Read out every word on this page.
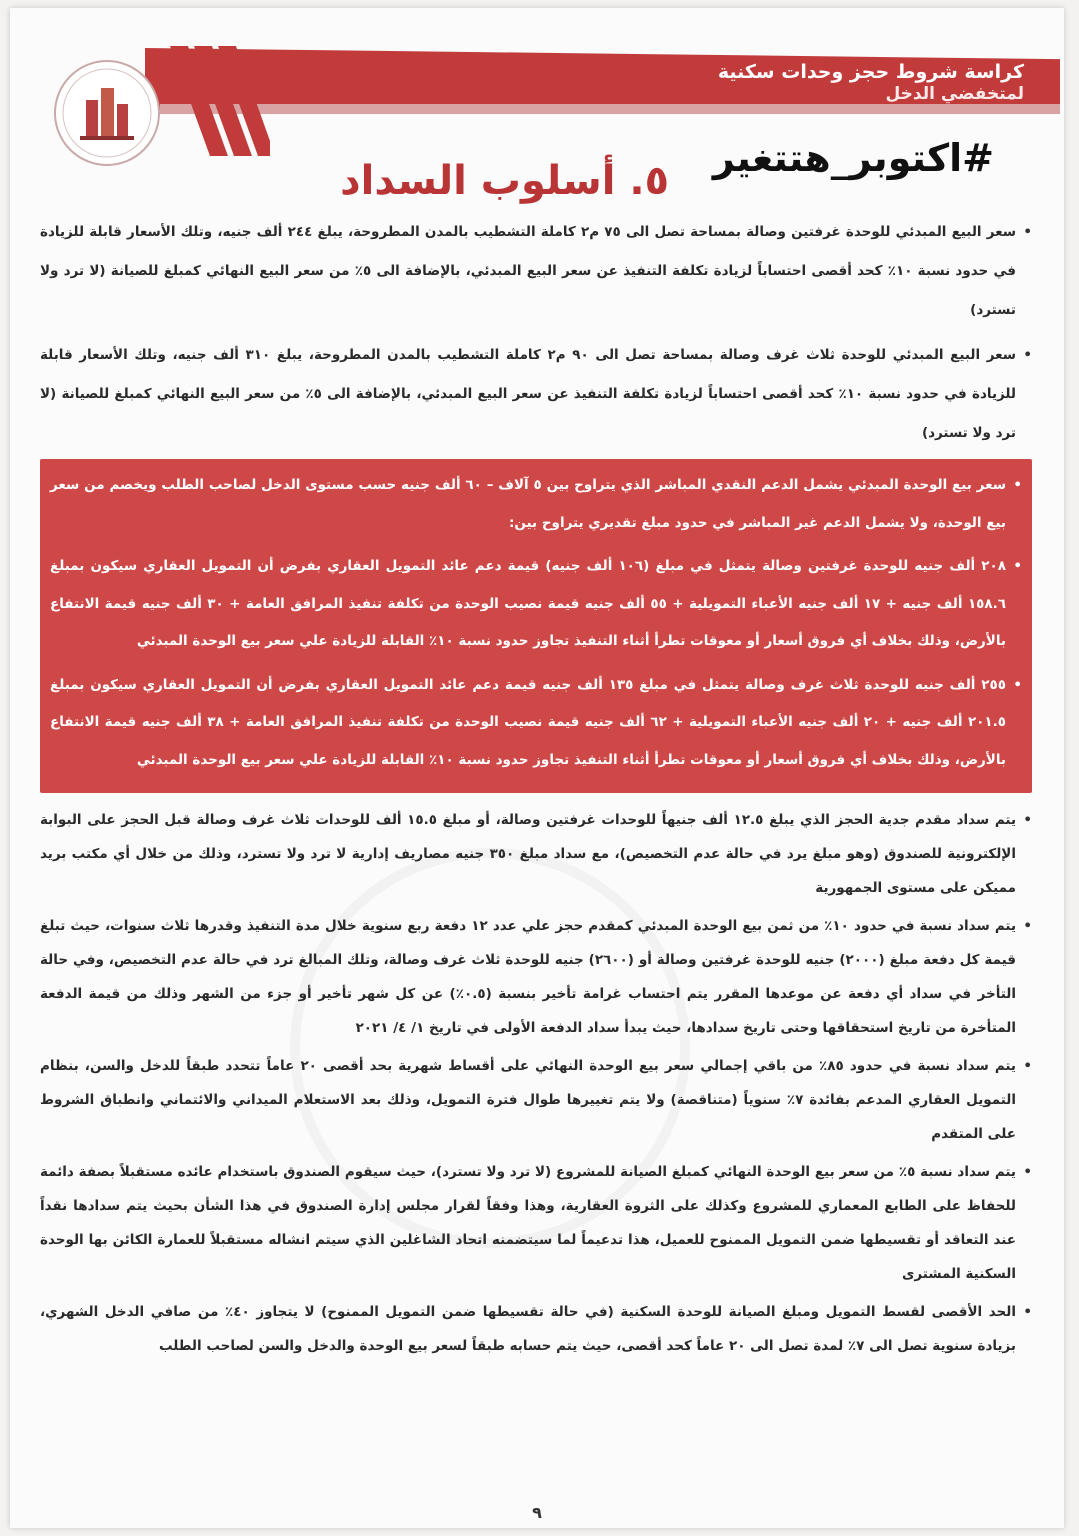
كراسة شروط حجز وحدات سكنية
لمتخفضي الدخل
#اكتوبر_هتتغير
٥. أسلوب السداد

• سعر البيع المبدئي للوحدة غرفتين وصالة بمساحة تصل الى ٧٥ م٢ كاملة التشطيب بالمدن المطروحة، يبلغ ٢٤٤ ألف جنيه، وتلك الأسعار قابلة للزيادة في حدود نسبة ١٠٪ كحد أقصى احتساباً لزيادة تكلفة التنفيذ عن سعر البيع المبدئي، بالإضافة الى ٥٪ من سعر البيع النهائي كمبلغ للصيانة (لا ترد ولا تسترد)

• سعر البيع المبدئي للوحدة ثلاث غرف وصالة بمساحة تصل الى ٩٠ م٢ كاملة التشطيب بالمدن المطروحة، يبلغ ٣١٠ ألف جنيه، وتلك الأسعار قابلة للزيادة في حدود نسبة ١٠٪ كحد أقصى احتساباً لزيادة تكلفة التنفيذ عن سعر البيع المبدئي، بالإضافة الى ٥٪ من سعر البيع النهائي كمبلغ للصيانة (لا ترد ولا تسترد)

• سعر بيع الوحدة المبدئي يشمل الدعم النقدي المباشر الذي يتراوح بين ٥ آلاف – ٦٠ ألف جنيه حسب مستوى الدخل لصاحب الطلب ويخصم من سعر بيع الوحدة، ولا يشمل الدعم غير المباشر في حدود مبلغ تقديري يتراوح بين:

• ٢٠٨ ألف جنيه للوحدة غرفتين وصالة يتمثل في مبلغ (١٠٦ ألف جنيه) قيمة دعم عائد التمويل العقاري بفرض أن التمويل العقاري سيكون بمبلغ ١٥٨.٦ ألف جنيه + ١٧ ألف جنيه الأعباء التمويلية + ٥٥ ألف جنيه قيمة نصيب الوحدة من تكلفة تنفيذ المرافق العامة + ٣٠ ألف جنيه قيمة الانتفاع بالأرض، وذلك بخلاف أي فروق أسعار أو معوقات تطرأ أثناء التنفيذ تجاوز حدود نسبة ١٠٪ القابلة للزيادة علي سعر بيع الوحدة المبدئي

• ٢٥٥ ألف جنيه للوحدة ثلاث غرف وصالة يتمثل في مبلغ ١٣٥ ألف جنيه قيمة دعم عائد التمويل العقاري بفرض أن التمويل العقاري سيكون بمبلغ ٢٠١.٥ ألف جنيه + ٢٠ ألف جنيه الأعباء التمويلية + ٦٢ ألف جنيه قيمة نصيب الوحدة من تكلفة تنفيذ المرافق العامة + ٣٨ ألف جنيه قيمة الانتفاع بالأرض، وذلك بخلاف أي فروق أسعار أو معوقات تطرأ أثناء التنفيذ تجاوز حدود نسبة ١٠٪ القابلة للزيادة علي سعر بيع الوحدة المبدئي

• يتم سداد مقدم جدية الحجز الذي يبلغ ١٢.٥ ألف جنيهاً للوحدات غرفتين وصالة، أو مبلغ ١٥.٥ ألف للوحدات ثلاث غرف وصالة قبل الحجز على البوابة الإلكترونية للصندوق (وهو مبلغ يرد في حالة عدم التخصيص)، مع سداد مبلغ ٣٥٠ جنيه مصاريف إدارية لا ترد ولا تسترد، وذلك من خلال أي مكتب بريد مميكن على مستوى الجمهورية

• يتم سداد نسبة في حدود ١٠٪ من ثمن بيع الوحدة المبدئي كمقدم حجز علي عدد ١٢ دفعة ربع سنوية خلال مدة التنفيذ وقدرها ثلاث سنوات، حيث تبلغ قيمة كل دفعة مبلغ (٢٠٠٠) جنيه للوحدة غرفتين وصالة أو (٢٦٠٠) جنيه للوحدة ثلاث غرف وصالة، وتلك المبالغ ترد في حالة عدم التخصيص، وفي حالة التأخر في سداد أي دفعة عن موعدها المقرر يتم احتساب غرامة تأخير بنسبة (٠.٥٪) عن كل شهر تأخير أو جزء من الشهر وذلك من قيمة الدفعة المتأخرة من تاريخ استحقاقها وحتى تاريخ سدادها، حيث يبدأ سداد الدفعة الأولى في تاريخ ١/ ٤/ ٢٠٢١

• يتم سداد نسبة في حدود ٨٥٪ من باقي إجمالي سعر بيع الوحدة النهائي على أقساط شهرية بحد أقصى ٢٠ عاماً تتحدد طبقاً للدخل والسن، بنظام التمويل العقاري المدعم بفائدة ٧٪ سنوياً (متناقصة) ولا يتم تغييرها طوال فترة التمويل، وذلك بعد الاستعلام الميداني والائتماني وانطباق الشروط على المتقدم

• يتم سداد نسبة ٥٪ من سعر بيع الوحدة النهائي كمبلغ الصيانة للمشروع (لا ترد ولا تسترد)، حيث سيقوم الصندوق باستخدام عائده مستقبلاً بصفة دائمة للحفاظ على الطابع المعماري للمشروع وكذلك على الثروة العقارية، وهذا وفقاً لقرار مجلس إدارة الصندوق في هذا الشأن بحيث يتم سدادها نقداً عند التعاقد أو تقسيطها ضمن التمويل الممنوح للعميل، هذا تدعيماً لما سيتضمنه اتحاد الشاغلين الذي سيتم انشاله مستقبلاً للعمارة الكائن بها الوحدة السكنية المشترى

• الحد الأقصى لقسط التمويل ومبلغ الصيانة للوحدة السكنية (في حالة تقسيطها ضمن التمويل الممنوح) لا يتجاوز ٤٠٪ من صافي الدخل الشهري، بزيادة سنوية تصل الى ٧٪ لمدة تصل الى ٢٠ عاماً كحد أقصى، حيث يتم حسابه طبقاً لسعر بيع الوحدة والدخل والسن لصاحب الطلب

٩
